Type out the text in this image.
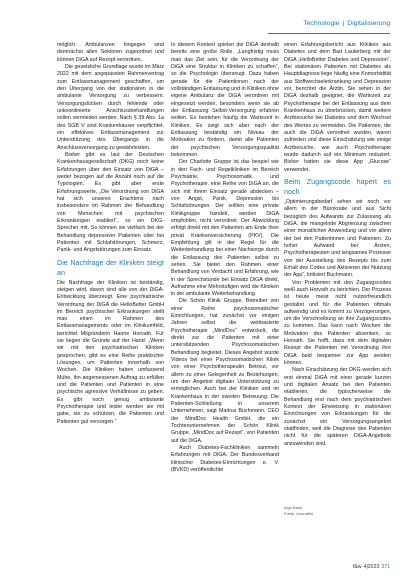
Technologie | Digitalisierung

möglich. Ambulanzen hingegen sind demnächst allen Sektoren zugeordnet und können DiGA auf Rezept verordnen.

Die gesetzliche Grundlage wurde im März 2022 mit dem angepassten Rahmenvertrag zum Entlassmanagement geschaffen, um den Übergang von der stationären in die ambulante Versorgung zu verbessern. Versorgungslücken durch fehlende oder unkoordinierte Anschlussbehandlungen sollen vermieden werden. Nach § 39 Abs. 1a des SGB V sind Krankenhäuser verpflichtet, ein effektives Entlassmanagement zur Unterstützung des Übergangs in die Anschlussversorgung zu gewährleisten.

Bisher gibt es laut der Deutschen Krankenhausgesellschaft (DKG) noch keine Erfahrungen über den Einsatz von DiGA – weder bezogen auf die Anzahl noch auf die Typologien. Es gibt aber erste Erfahrungswerte, „Die Verordnung von DiGA hat sich unseres Erachtens nach insbesondere im Rahmen der Behandlung von Menschen mit psychischen Erkrankungen etabliert“, so ein DKG-Sprecher mit. So können sie vielfach bei der Behandlung depressiver Patienten oder bei Patienten mit Schlafstörungen, Schmerz, Panik- und Angststörungen zum Einsatz.

Die Nachfrage der Kliniken steigt an

Die Nachfrage der Kliniken ist beständig, steigen wird, davon sind alle von der DiGA-Entwicklung überzeugt. Eine psychiatrische Verordnung der DiGA die HelloBetter GmbH im Bereich psychischer Erkrankungen stellt man einen im Rahmen des Entlassmanagements oder im Klinikumfeld, berichtet Mitgründerin Hanne Horvath. Für sie liegen die Gründe auf der Hand: „Wenn wir mit den psychiatrischen Kliniken gesprochen, gibt es eine Reihe praktischer Lösungen, um Patienten innerhalb von Wochen. Die Kliniken haben umfassend Mühe, ihn angemessenen Auftrag zu erfüllen und die Patienten und Patienten in eine psychische agressive Verhältnisse zu geben. Es gibt noch genug ambulante Psychotherapie und leider werden sie mit gabe, sie zu schützen, die Patienten und Patienten gut versorgen.“

In diesem Kontext spielen die DiGA deshalb bereits eine große Rolle. „Langfristig muss man das Ziel sein, für die Verordnung der DiGA eine Struktur in Kliniken zu schaffen“, so die Psychologin überzeugt. Dazu haben gerade für die Patientinnen nach der vollständigen Entlassung und in Kliniken ohne eigene Ambulanz die DiGA verordnen mit eingesetzt werden, besonders wenn sie ab der Entlassung Selbst-Versorgung erfahren wollen. Es bestehen häufig die Wartezeit in Kliniken. Es zeigt sich aber nach der Entlassung beständig ein Niveau der Motivation zu fördern, damit alle Patienten der psychischen Versorgungsqualität bekommen.

Der Charlotte Gruppe ist das bespiel wie in den Fach- und Regelkliniken im Bereich Psychiatrie, Psychosomatik und Psychotherapie, eine Reihe von DiGA an, die sich mit ihrem Einsatz gerade abdecken – von Angst, Panik, Depression bis Schlafstörungen. Der sollten eine private Klinikgruppe handelt, werden DiGA empfohlen, nicht verordnet. Der Abwicklung erfolgt direkt mit den Patienten am Ende ihrer privat Krankenversicherung (PKV). Die Empfehlung gilt in der Regel für die Weiterbehandlung bei einer Nachsorge durch die Entlassung des Patienten selbst zu sehen. Sie bietet den Rahmen einer Behandlung von Verdacht und Erfahrung, wie in der Sprechstunde bei Einsatz DiGA direkt, Aufnahme eine Mehrstufigen wird die Kliniken in der ambulante Weiterbehandlung.

Die Schön Klinik Gruppe, Betreiber von einer Reihe psychosomatischer Einrichtungen, hat zunächst vor einigen Jahren selbst die webbasierte Psychotherapie „MindDoc“ entwickelt, die direkt zur die Patienten mit einer unterstützenden Psychosomatischen Behandlung begleitet. Dieses Angebot wurde Videos bei einer Psychosomatischen Klinik von einer Psychotherapeutin Betreut, vor allem zu einer Gelegenheit zu Beziehungen, um den Angebot digitaler Unterstützung zu ermöglichen. Auch bei der Kliniken und im Krankenhaus in der zweiten Betreuung. Die Patienten-Schließung in unserem Unternehmen, sagt Markus Buchmann, CEO der MindDoc Health GmbH, die ein Tochterunternehmen der Schön Klinik Gruppe, „MindDoc auf Rezept“, von Patienten auf die DiGA.

Auch Diabetes-Fachkliniken sammeln Erfahrungen mit DiGA. Der Bundesverband klinischer Diabetes-Einrichtungen e. V. (BVKD) veröffentlichte

einen Erfahrungsbericht aus Kliniken aus Diabetes und dem Bad Lauterberg mit der DiGA „HelloBetter Diabetes und Depression“. Bei stationären Patienten mit Diabetes als Hauptdiagnose liege häufig eine Komorbidität aus Stoffwechselerkrankung und Depression vor, berichtet die Ärztin. Sie sehen in der DiGA deshalb geeignet, die Wartezeit zur Psychotherapie bei der Entlassung aus dem Krankenhaus zu überbrücken, damit weitere Arztbesuche bei Diabetes und dem Wechsel des Wertes zu vermeiden. Die Patienten, die auch die DiGA verordnet wurden, waren zufrieden und diese Einschätzung wie einige Arztbesuche, wie auch Psychotherapie wurde dadurch auf ein Minimum reduziert. Bisher hatten sie diese App „Glucose“ verwendet.

Beim Zugangscode hapert es noch

„Optimierungsbedarf sehen wir noch vor allem in der Bürokratie und aus Sicht bezüglich des Aufwands zur Zulassung als DiGA, die mangelnde Abgrenzung zwischen einer monatlichen Anwendung und vor allem der bei den Patientinnen und Patienten. Zu hoher Aufwand bei Ärzten, Psychotherapeuten und langsames Prozesse von der Ausstellung des Rezepts bis zum Erhalt des Codes und Aktivieren der Nutzung der App“, kritisiert Buchmann.

Von Problemen mit den Zugangscodes weiß auch Horvath zu berichten. Der Prozess ist heute meist nicht nutzerfreundlich gestaltet und für die Patienten oftmals aufwendig und es kommt zu Verzögerungen, um die Verschreibung an ihre Zugangscodes zu kommen. Das kann nach Wochen die Motivation des Patienten absenken, so Horvath. Sie hofft, dass mit dem digitalen Rezept die Patienten mit Verordnung ihre DiGA bald bequemer zur App senden können.

Nach Einschätzung der DKG werden sich erst einmal DiGA mit einer gerade kurzen und digitalen Ansatz bei den Patienten etablieren, die typischerweise die Behandlung erst nach dem psychiatrischen Kontext der Einweisung in stationären Einrichtungen von Erkrankungen für die zunächst ein Versorgungsangebot stattfinden, weil die Diagnose des Patienten nicht für die späteren DiGA-Angebote anzuwenden sind.

Ingo Bartz
Freier Journalist
f&w 4|2023 371
